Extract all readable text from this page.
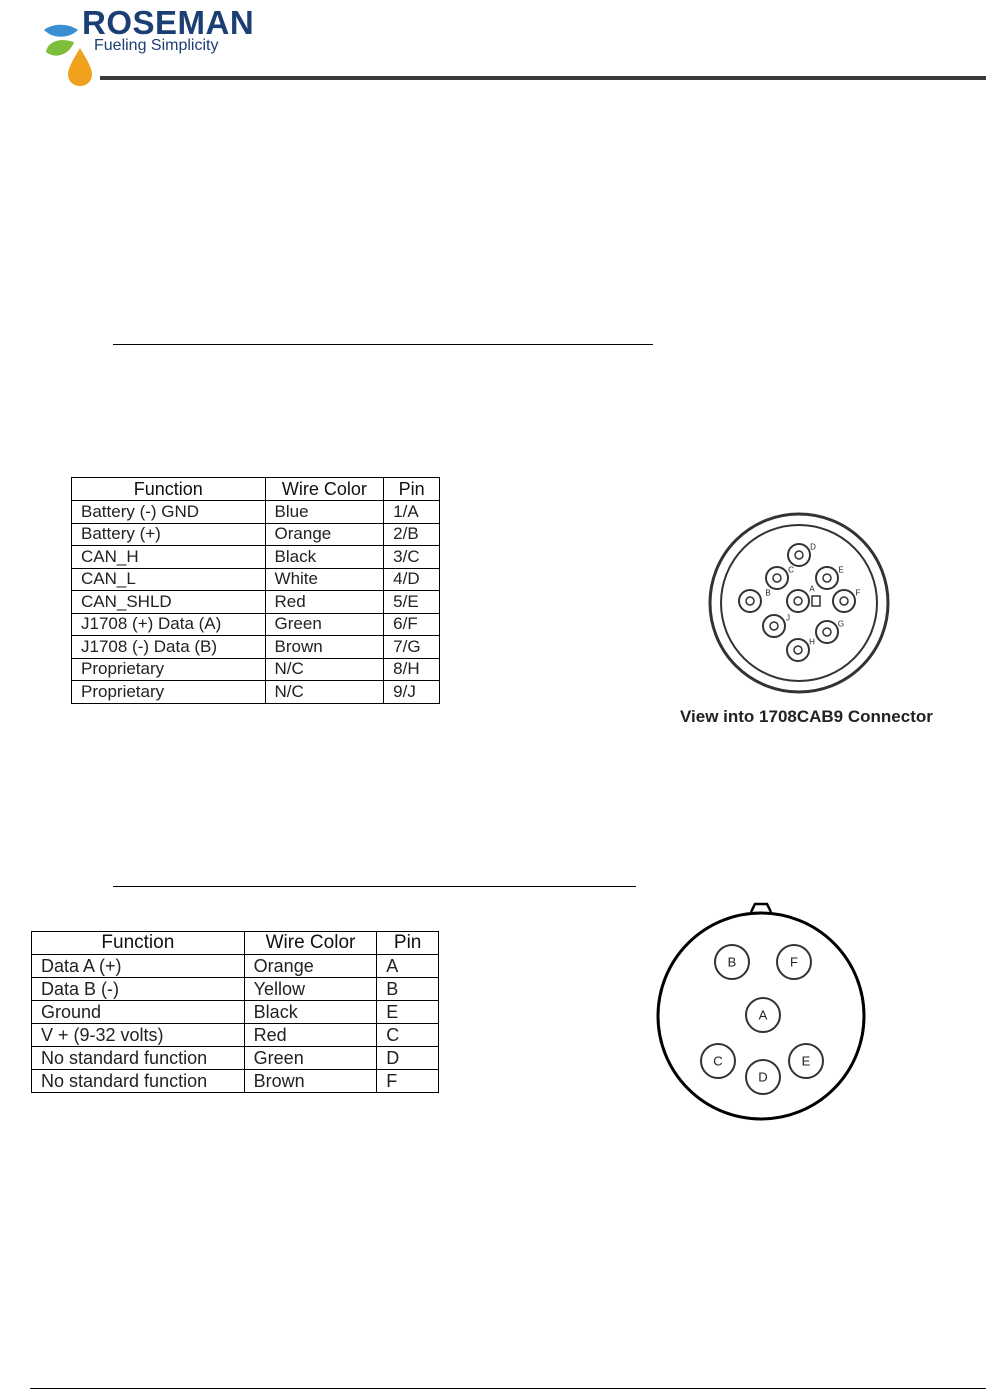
ROSEMAN
Fueling Simplicity
Function	Wire Color	Pin
Battery (-) GND	Blue	1/A
Battery (+)	Orange	2/B
CAN_H	Black	3/C
CAN_L	White	4/D
CAN_SHLD	Red	5/E
J1708 (+) Data (A)	Green	6/F
J1708 (-) Data (B)	Brown	7/G
Proprietary	N/C	8/H
Proprietary	N/C	9/J
A
B
C
D
E
F
G
H
J
View into 1708CAB9 Connector
Function	Wire Color	Pin
Data A (+)	Orange	A
Data B (-)	Yellow	B
Ground	Black	E
V + (9-32 volts)	Red	C
No standard function	Green	D
No standard function	Brown	F
B	F
A
C
D
E
